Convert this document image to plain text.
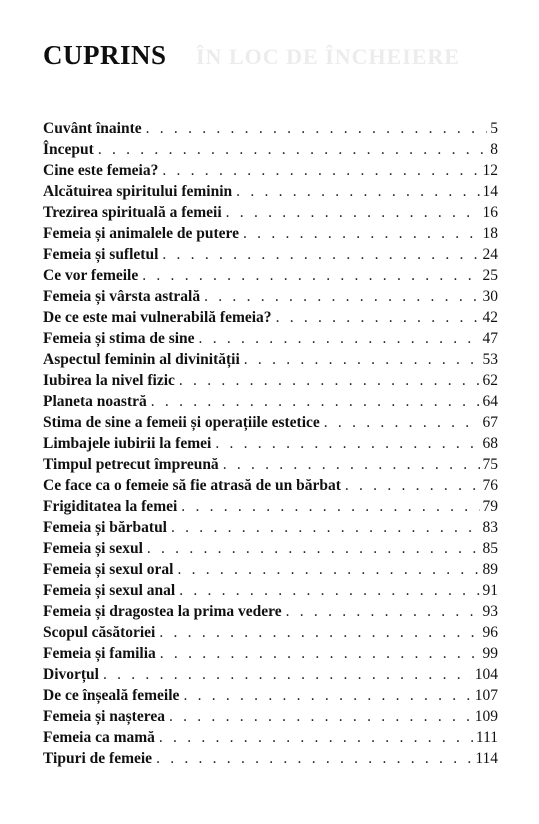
ÎN LOC DE ÎNCHEIERE
CUPRINS
Cuvânt înainte . . .	5
Început . . .	8
Cine este femeia? . . .	12
Alcătuirea spiritului feminin . . .	14
Trezirea spirituală a femeii . . .	16
Femeia și animalele de putere . . .	18
Femeia și sufletul . . .	24
Ce vor femeile . . .	25
Femeia și vârsta astrală . . .	30
De ce este mai vulnerabilă femeia? . . .	42
Femeia și stima de sine . . .	47
Aspectul feminin al divinității . . .	53
Iubirea la nivel fizic . . .	62
Planeta noastră . . .	64
Stima de sine a femeii și operațiile estetice . . .	67
Limbajele iubirii la femei . . .	68
Timpul petrecut împreună . . .	75
Ce face ca o femeie să fie atrasă de un bărbat . . .	76
Frigiditatea la femei . . .	79
Femeia și bărbatul . . .	83
Femeia și sexul . . .	85
Femeia și sexul oral . . .	89
Femeia și sexul anal . . .	91
Femeia și dragostea la prima vedere . . .	93
Scopul căsătoriei . . .	96
Femeia și familia . . .	99
Divorțul . . .	104
De ce înșeală femeile . . .	107
Femeia și nașterea . . .	109
Femeia ca mamă . . .	111
Tipuri de femeie . . .	114
